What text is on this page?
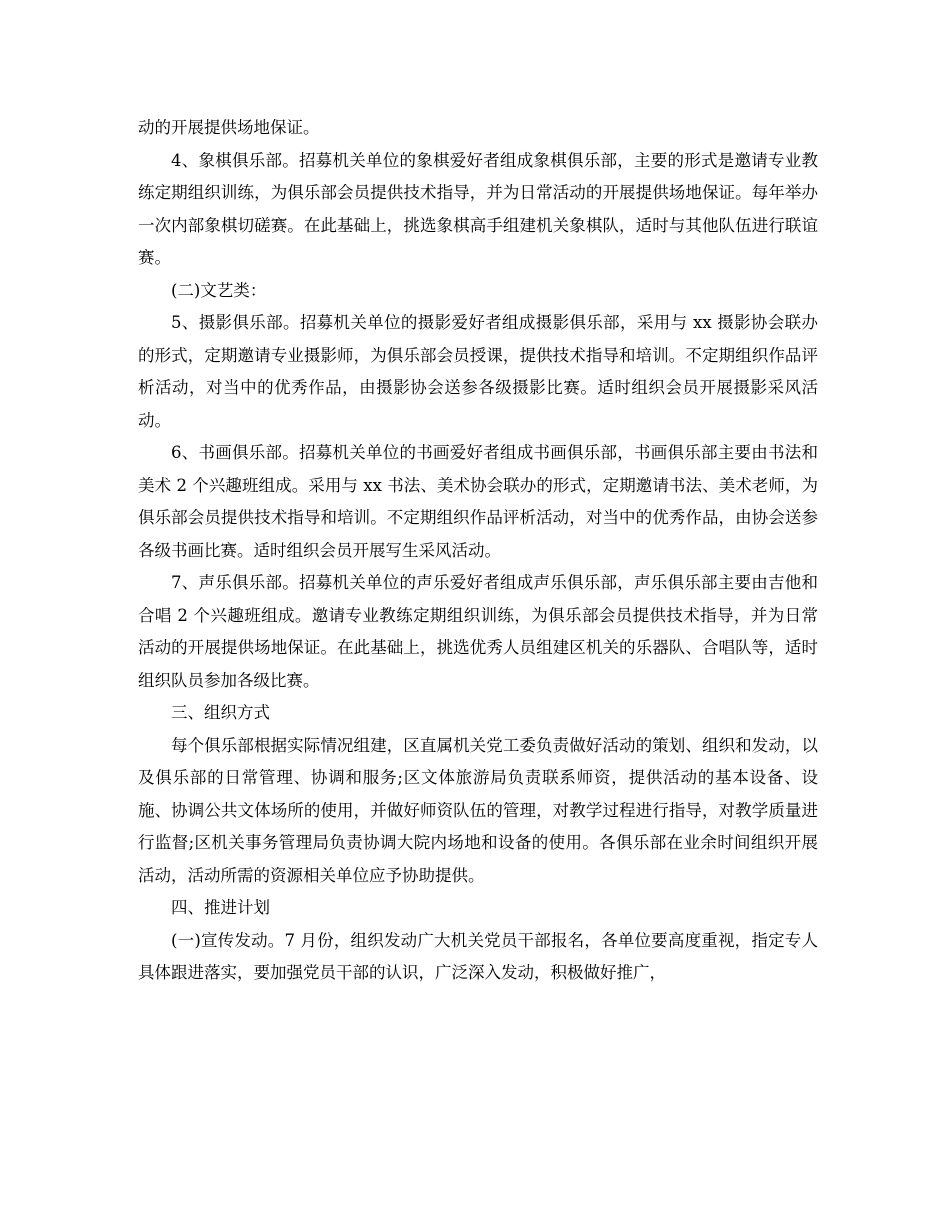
动的开展提供场地保证。

4、象棋俱乐部。招募机关单位的象棋爱好者组成象棋俱乐部，主要的形式是邀请专业教练定期组织训练，为俱乐部会员提供技术指导，并为日常活动的开展提供场地保证。每年举办一次内部象棋切磋赛。在此基础上，挑选象棋高手组建机关象棋队，适时与其他队伍进行联谊赛。

(二)文艺类：

5、摄影俱乐部。招募机关单位的摄影爱好者组成摄影俱乐部，采用与 xx 摄影协会联办的形式，定期邀请专业摄影师，为俱乐部会员授课，提供技术指导和培训。不定期组织作品评析活动，对当中的优秀作品，由摄影协会送参各级摄影比赛。适时组织会员开展摄影采风活动。

6、书画俱乐部。招募机关单位的书画爱好者组成书画俱乐部，书画俱乐部主要由书法和美术 2 个兴趣班组成。采用与 xx 书法、美术协会联办的形式，定期邀请书法、美术老师，为俱乐部会员提供技术指导和培训。不定期组织作品评析活动，对当中的优秀作品，由协会送参各级书画比赛。适时组织会员开展写生采风活动。

7、声乐俱乐部。招募机关单位的声乐爱好者组成声乐俱乐部，声乐俱乐部主要由吉他和合唱 2 个兴趣班组成。邀请专业教练定期组织训练，为俱乐部会员提供技术指导，并为日常活动的开展提供场地保证。在此基础上，挑选优秀人员组建区机关的乐器队、合唱队等，适时组织队员参加各级比赛。

三、组织方式

每个俱乐部根据实际情况组建，区直属机关党工委负责做好活动的策划、组织和发动，以及俱乐部的日常管理、协调和服务;区文体旅游局负责联系师资，提供活动的基本设备、设施、协调公共文体场所的使用，并做好师资队伍的管理，对教学过程进行指导，对教学质量进行监督;区机关事务管理局负责协调大院内场地和设备的使用。各俱乐部在业余时间组织开展活动，活动所需的资源相关单位应予协助提供。

四、推进计划

(一)宣传发动。7 月份，组织发动广大机关党员干部报名，各单位要高度重视，指定专人具体跟进落实，要加强党员干部的认识，广泛深入发动，积极做好推广，
